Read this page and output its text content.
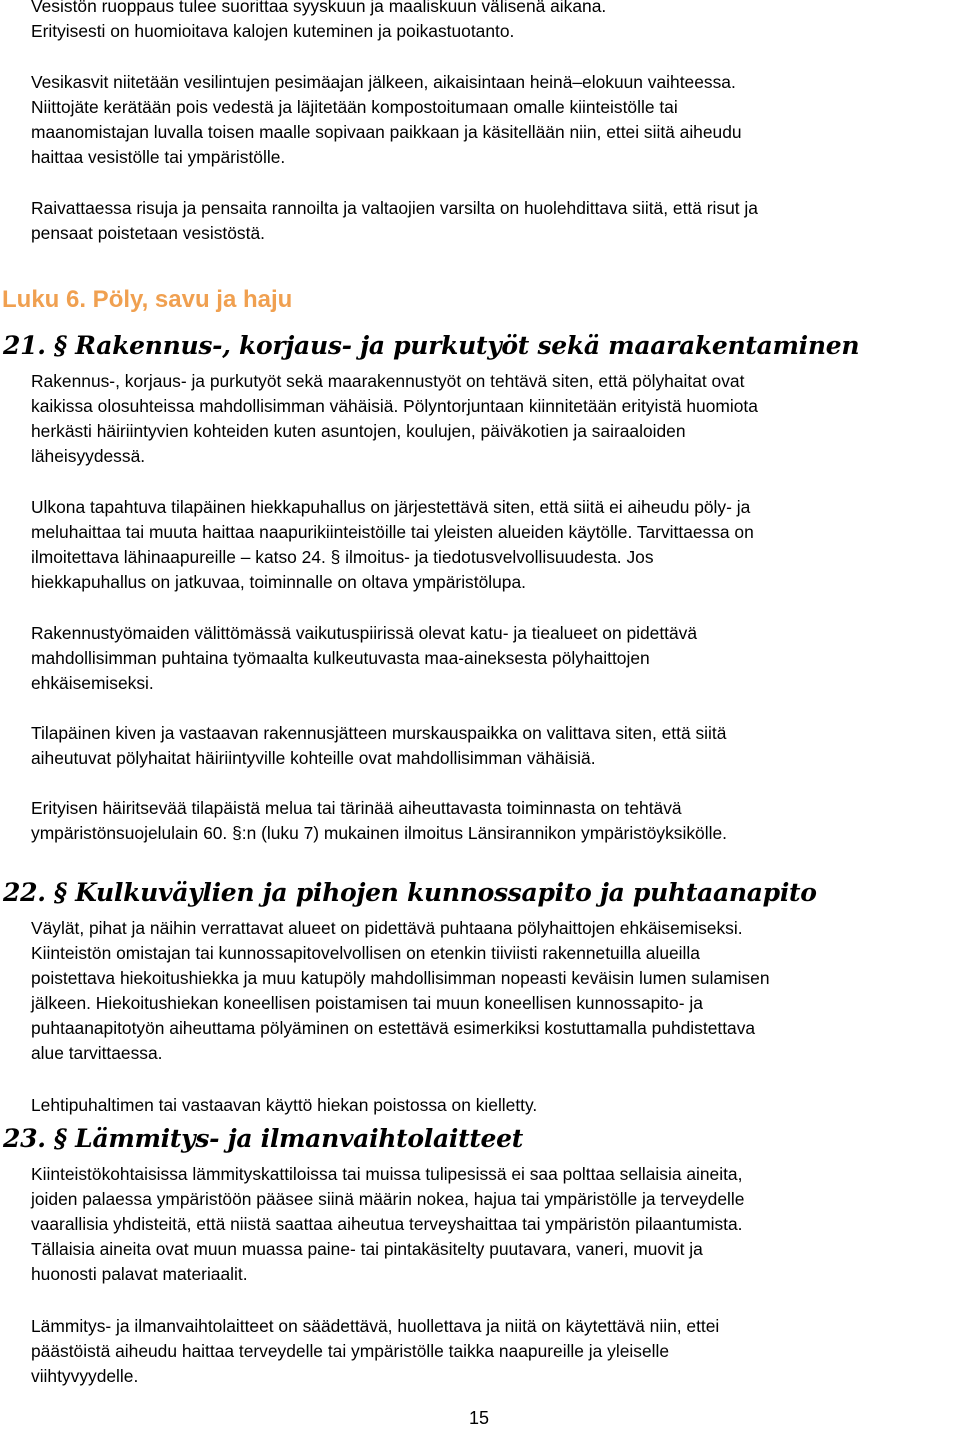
Vesistön ruoppaus tulee suorittaa syyskuun ja maaliskuun välisenä aikana.
Erityisesti on huomioitava kalojen kuteminen ja poikastuotanto.
Vesikasvit niitetään vesilintujen pesimäajan jälkeen, aikaisintaan heinä–elokuun vaihteessa.
Niittojäte kerätään pois vedestä ja läjitetään kompostoitumaan omalle kiinteistölle tai
maanomistajan luvalla toisen maalle sopivaan paikkaan ja käsitellään niin, ettei siitä aiheudu
haittaa vesistölle tai ympäristölle.
Raivattaessa risuja ja pensaita rannoilta ja valtaojien varsilta on huolehdittava siitä, että risut ja
pensaat poistetaan vesistöstä.
Luku 6. Pöly, savu ja haju
21. § Rakennus-, korjaus- ja purkutyöt sekä maarakentaminen
Rakennus-, korjaus- ja purkutyöt sekä maarakennustyöt on tehtävä siten, että pölyhaitat ovat
kaikissa olosuhteissa mahdollisimman vähäisiä. Pölyntorjuntaan kiinnitetään erityistä huomiota
herkästi häiriintyvien kohteiden kuten asuntojen, koulujen, päiväkotien ja sairaaloiden
läheisyydessä.
Ulkona tapahtuva tilapäinen hiekkapuhallus on järjestettävä siten, että siitä ei aiheudu pöly- ja
meluhaittaa tai muuta haittaa naapurikiinteistöille tai yleisten alueiden käytölle. Tarvittaessa on
ilmoitettava lähinaapureille – katso 24. § ilmoitus- ja tiedotusvelvollisuudesta. Jos
hiekkapuhallus on jatkuvaa, toiminnalle on oltava ympäristölupa.
Rakennustyömaiden välittömässä vaikutuspiirissä olevat katu- ja tiealueet on pidettävä
mahdollisimman puhtaina työmaalta kulkeutuvasta maa-aineksesta pölyhaittojen
ehkäisemiseksi.
Tilapäinen kiven ja vastaavan rakennusjätteen murskauspaikka on valittava siten, että siitä
aiheutuvat pölyhaitat häiriintyville kohteille ovat mahdollisimman vähäisiä.
Erityisen häiritsevää tilapäistä melua tai tärinää aiheuttavasta toiminnasta on tehtävä
ympäristönsuojelulain 60. §:n (luku 7) mukainen ilmoitus Länsirannikon ympäristöyksikölle.
22. § Kulkuväylien ja pihojen kunnossapito ja puhtaanapito
Väylät, pihat ja näihin verrattavat alueet on pidettävä puhtaana pölyhaittojen ehkäisemiseksi.
Kiinteistön omistajan tai kunnossapitovelvollisen on etenkin tiiviisti rakennetuilla alueilla
poistettava hiekoitushiekka ja muu katupöly mahdollisimman nopeasti keväisin lumen sulamisen
jälkeen. Hiekoitushiekan koneellisen poistamisen tai muun koneellisen kunnossapito- ja
puhtaanapitotyön aiheuttama pölyäminen on estettävä esimerkiksi kostuttamalla puhdistettava
alue tarvittaessa.
Lehtipuhaltimen tai vastaavan käyttö hiekan poistossa on kielletty.
23. § Lämmitys- ja ilmanvaihtolaitteet
Kiinteistökohtaisissa lämmityskattiloissa tai muissa tulipesissä ei saa polttaa sellaisia aineita,
joiden palaessa ympäristöön pääsee siinä määrin nokea, hajua tai ympäristölle ja terveydelle
vaarallisia yhdisteitä, että niistä saattaa aiheutua terveyshaittaa tai ympäristön pilaantumista.
Tällaisia aineita ovat muun muassa paine- tai pintakäsitelty puutavara, vaneri, muovit ja
huonosti palavat materiaalit.
Lämmitys- ja ilmanvaihtolaitteet on säädettävä, huollettava ja niitä on käytettävä niin, ettei
päästöistä aiheudu haittaa terveydelle tai ympäristölle taikka naapureille ja yleiselle
viihtyvyydelle.
15
